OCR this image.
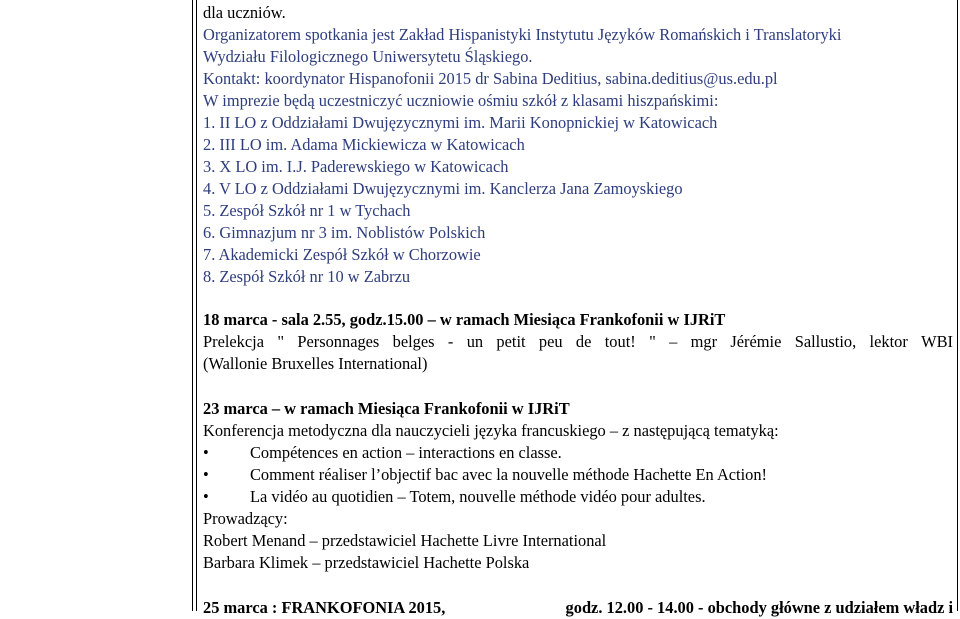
dla uczniów.
Organizatorem spotkania jest Zakład Hispanistyki Instytutu Języków Romańskich i Translatoryki
Wydziału Filologicznego Uniwersytetu Śląskiego.
Kontakt: koordynator Hispanofonii 2015 dr Sabina Deditius, sabina.deditius@us.edu.pl
W imprezie będą uczestniczyć uczniowie ośmiu szkół z klasami hiszpańskimi:
1. II LO z Oddziałami Dwujęzycznymi im. Marii Konopnickiej w Katowicach
2. III LO im. Adama Mickiewicza w Katowicach
3. X LO im. I.J. Paderewskiego w Katowicach
4. V LO z Oddziałami Dwujęzycznymi im. Kanclerza Jana Zamoyskiego
5. Zespół Szkół nr 1 w Tychach
6. Gimnazjum nr 3 im. Noblistów Polskich
7. Akademicki Zespół Szkół w Chorzowie
8. Zespół Szkół nr 10 w Zabrzu
18 marca - sala 2.55, godz.15.00 – w ramach Miesiąca Frankofonii w IJRiT
Prelekcja " Personnages belges - un petit peu de tout! " – mgr Jérémie Sallustio, lektor WBI
(Wallonie Bruxelles International)
23 marca – w ramach Miesiąca Frankofonii w IJRiT
Konferencja metodyczna dla nauczycieli języka francuskiego – z następującą tematyką:
•	Compétences en action – interactions en classe.
•	Comment réaliser l’objectif bac avec la nouvelle méthode Hachette En Action!
•	La vidéo au quotidien – Totem, nouvelle méthode vidéo pour adultes.
Prowadzący:
Robert Menand – przedstawiciel Hachette Livre International
Barbara Klimek – przedstawiciel Hachette Polska
25 marca : FRANKOFONIA 2015,	godz. 12.00 - 14.00 - obchody główne z udziałem władz i
